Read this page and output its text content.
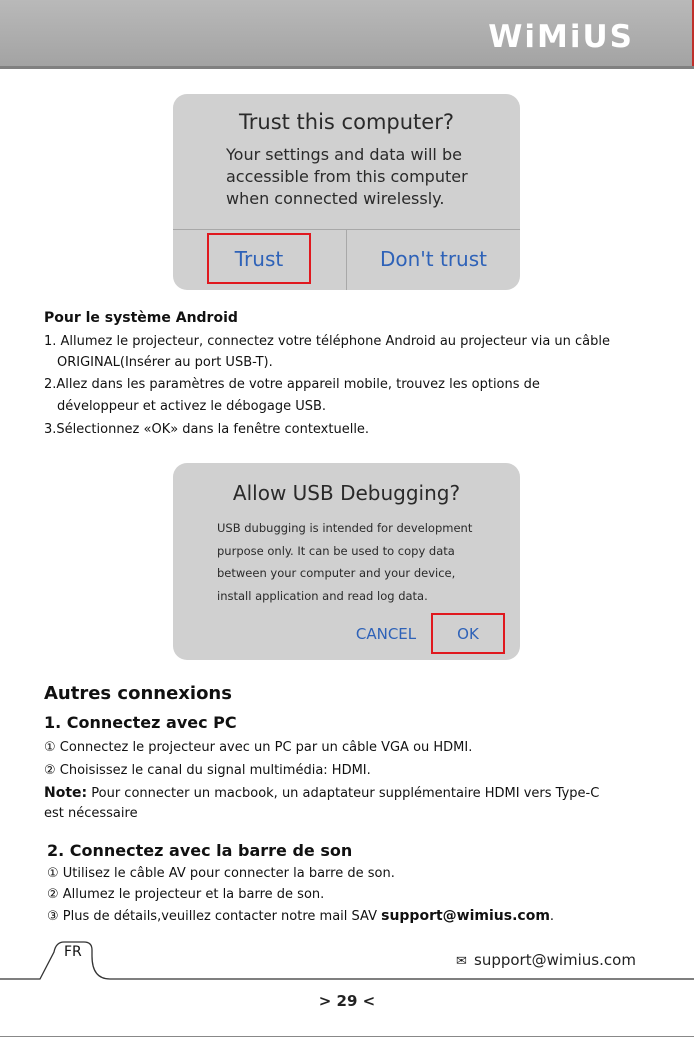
WiMiUS
Trust this computer?
Your settings and data will be
accessible from this computer
when connected wirelessly.
Trust	Don't trust
Pour le système Android
1. Allumez le projecteur, connectez votre téléphone Android au projecteur via un câble
ORIGINAL(Insérer au port USB-T).
2.Allez dans les paramètres de votre appareil mobile, trouvez les options de
développeur et activez le débogage USB.
3.Sélectionnez «OK» dans la fenêtre contextuelle.
Allow USB Debugging?
USB dubugging is intended for development
purpose only. It can be used to copy data
between your computer and your device,
install application and read log data.
CANCEL	OK
Autres connexions
1. Connectez avec PC
① Connectez le projecteur avec un PC par un câble VGA ou HDMI.
② Choisissez le canal du signal multimédia: HDMI.
Note: Pour connecter un macbook, un adaptateur supplémentaire HDMI vers Type-C
est nécessaire
2. Connectez avec la barre de son
① Utilisez le câble AV pour connecter la barre de son.
② Allumez le projecteur et la barre de son.
③ Plus de détails,veuillez contacter notre mail SAV support@wimius.com.
FR
✉ support@wimius.com
> 29 <
